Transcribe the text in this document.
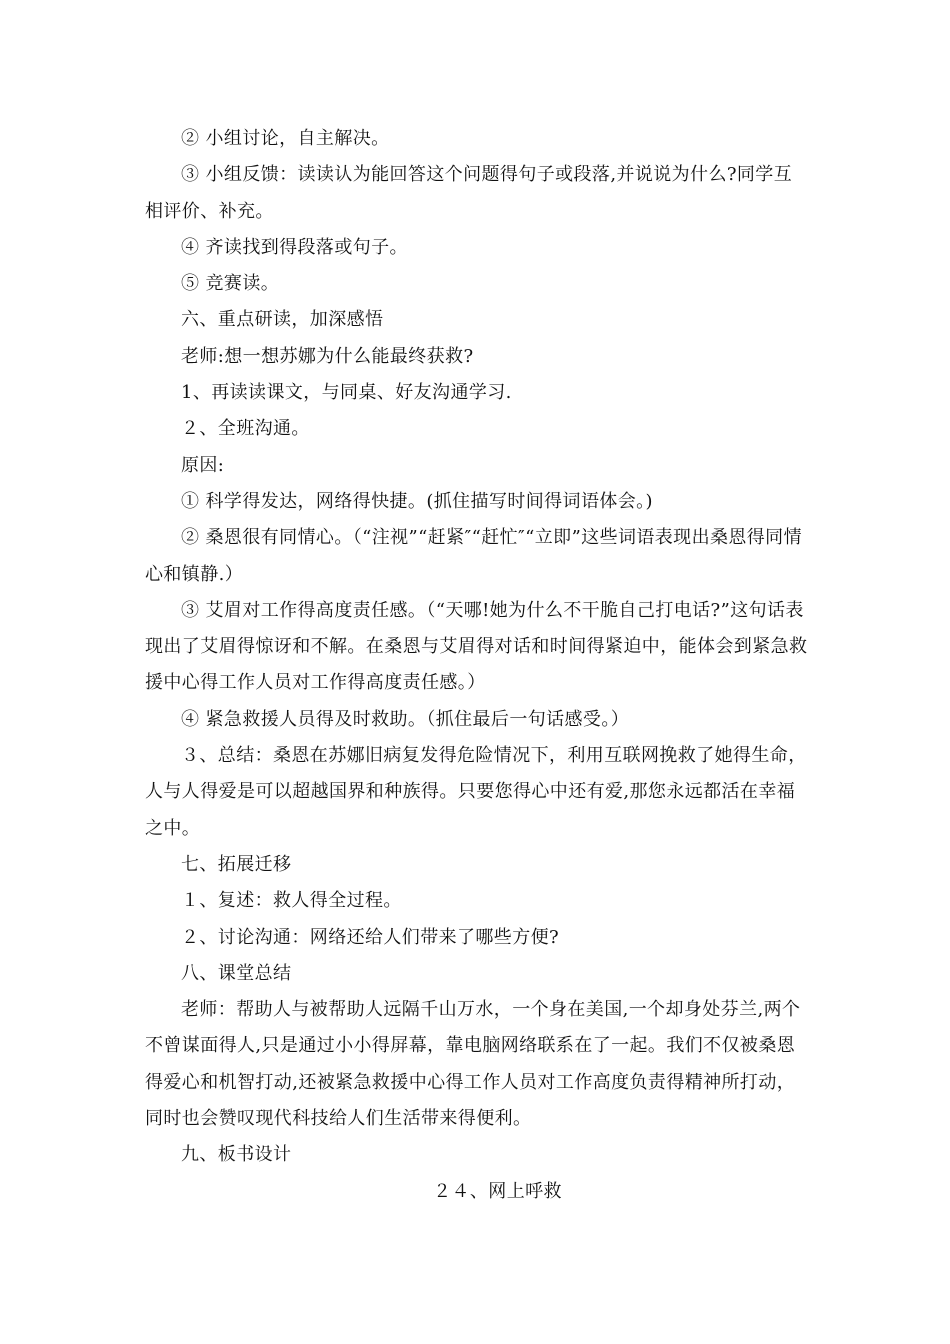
② 小组讨论，自主解决。

③ 小组反馈：读读认为能回答这个问题得句子或段落,并说说为什么?同学互相评价、补充。

④ 齐读找到得段落或句子。

⑤ 竞赛读。

六、重点研读，加深感悟

老师:想一想苏娜为什么能最终获救?

1、再读读课文，与同桌、好友沟通学习.

２、全班沟通。

原因:

① 科学得发达，网络得快捷。(抓住描写时间得词语体会。)

② 桑恩很有同情心。（“注视”“赶紧″“赶忙″“立即”这些词语表现出桑恩得同情心和镇静.）

③ 艾眉对工作得高度责任感。（“天哪!她为什么不干脆自己打电话?”这句话表现出了艾眉得惊讶和不解。在桑恩与艾眉得对话和时间得紧迫中，能体会到紧急救援中心得工作人员对工作得高度责任感。）

④ 紧急救援人员得及时救助。（抓住最后一句话感受。）

３、总结：桑恩在苏娜旧病复发得危险情况下，利用互联网挽救了她得生命，人与人得爱是可以超越国界和种族得。只要您得心中还有爱,那您永远都活在幸福之中。

七、拓展迁移

１、复述：救人得全过程。

２、讨论沟通：网络还给人们带来了哪些方便?

八、课堂总结

老师：帮助人与被帮助人远隔千山万水，一个身在美国,一个却身处芬兰,两个不曾谋面得人,只是通过小小得屏幕，靠电脑网络联系在了一起。我们不仅被桑恩得爱心和机智打动,还被紧急救援中心得工作人员对工作高度负责得精神所打动，同时也会赞叹现代科技给人们生活带来得便利。

九、板书设计

２４、网上呼救
